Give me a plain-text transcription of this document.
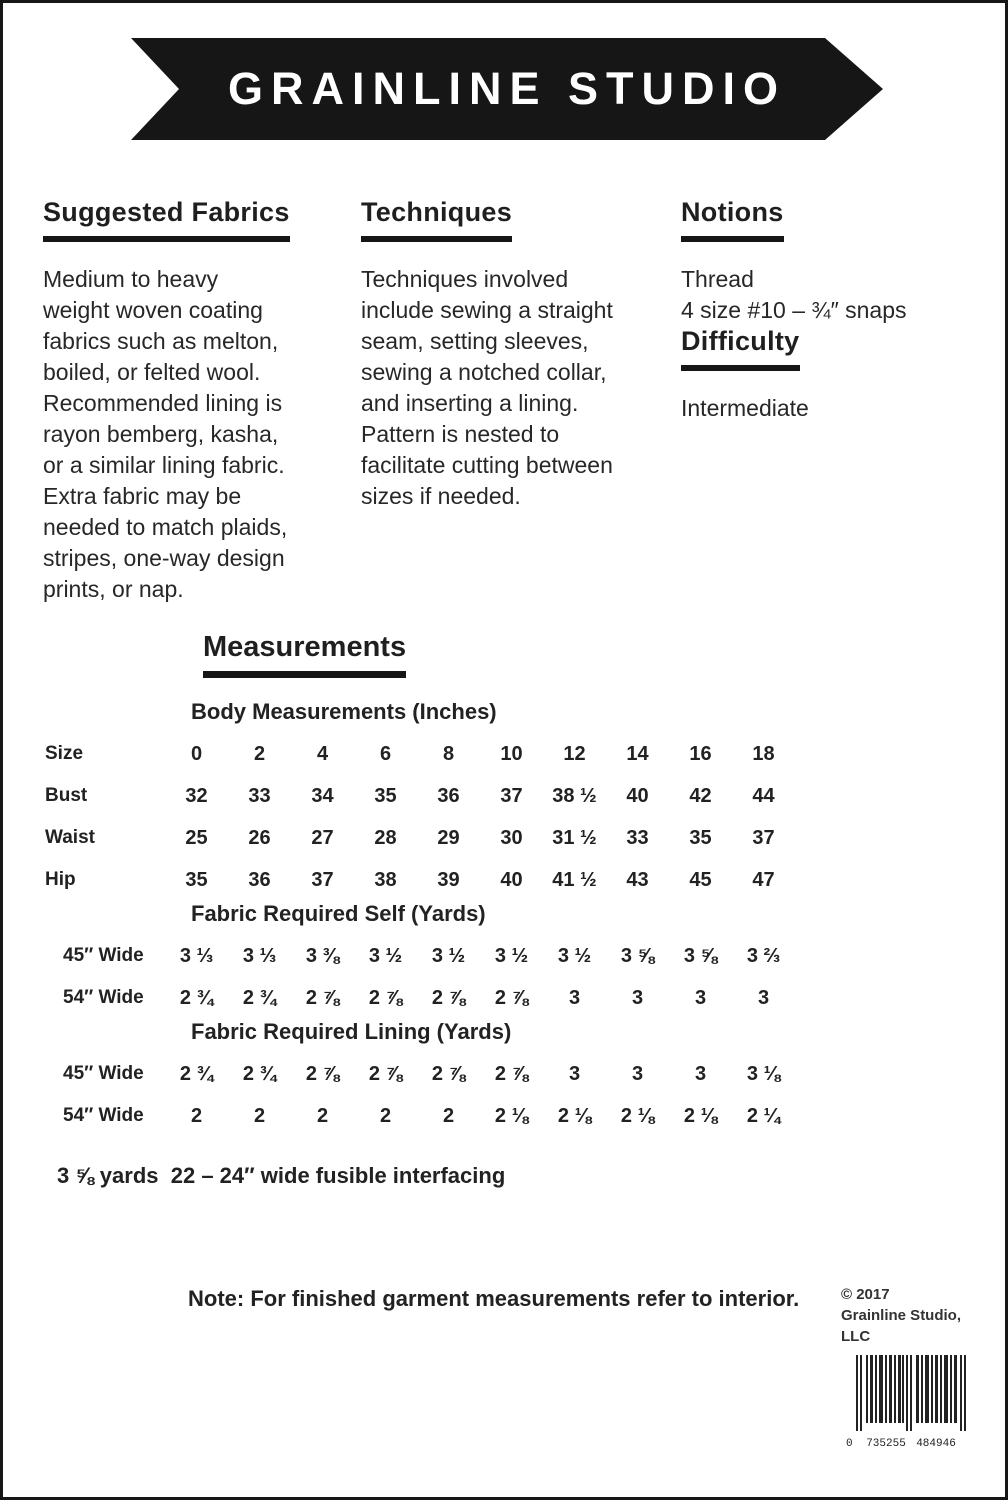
GRAINLINE STUDIO
Suggested Fabrics

Medium to heavy
weight woven coating
fabrics such as melton,
boiled, or felted wool.
Recommended lining is
rayon bemberg, kasha,
or a similar lining fabric.
Extra fabric may be
needed to match plaids,
stripes, one-way design
prints, or nap.

Techniques

Techniques involved
include sewing a straight
seam, setting sleeves,
sewing a notched collar,
and inserting a lining.
Pattern is nested to
facilitate cutting between
sizes if needed.

Notions

Thread
4 size #10 – ¾″ snaps

Difficulty

Intermediate

Measurements
Body Measurements (Inches)
Size	0	2	4	6	8	10	12	14	16	18
Bust	32	33	34	35	36	37	38 ½	40	42	44
Waist	25	26	27	28	29	30	31 ½	33	35	37
Hip	35	36	37	38	39	40	41 ½	43	45	47
Fabric Required Self (Yards)
45″ Wide	3 ⅓	3 ⅓	3 ⅜	3 ½	3 ½	3 ½	3 ½	3 ⅝	3 ⅝	3 ⅔
54″ Wide	2 ¾	2 ¾	2 ⅞	2 ⅞	2 ⅞	2 ⅞	3	3	3	3
Fabric Required Lining (Yards)
45″ Wide	2 ¾	2 ¾	2 ⅞	2 ⅞	2 ⅞	2 ⅞	3	3	3	3 ⅛
54″ Wide	2	2	2	2	2	2 ⅛	2 ⅛	2 ⅛	2 ⅛	2 ¼
3 ⅝ yards  22 – 24″ wide fusible interfacing
Note: For finished garment measurements refer to interior.	© 2017
Grainline Studio,
LLC
0 735255 484946
